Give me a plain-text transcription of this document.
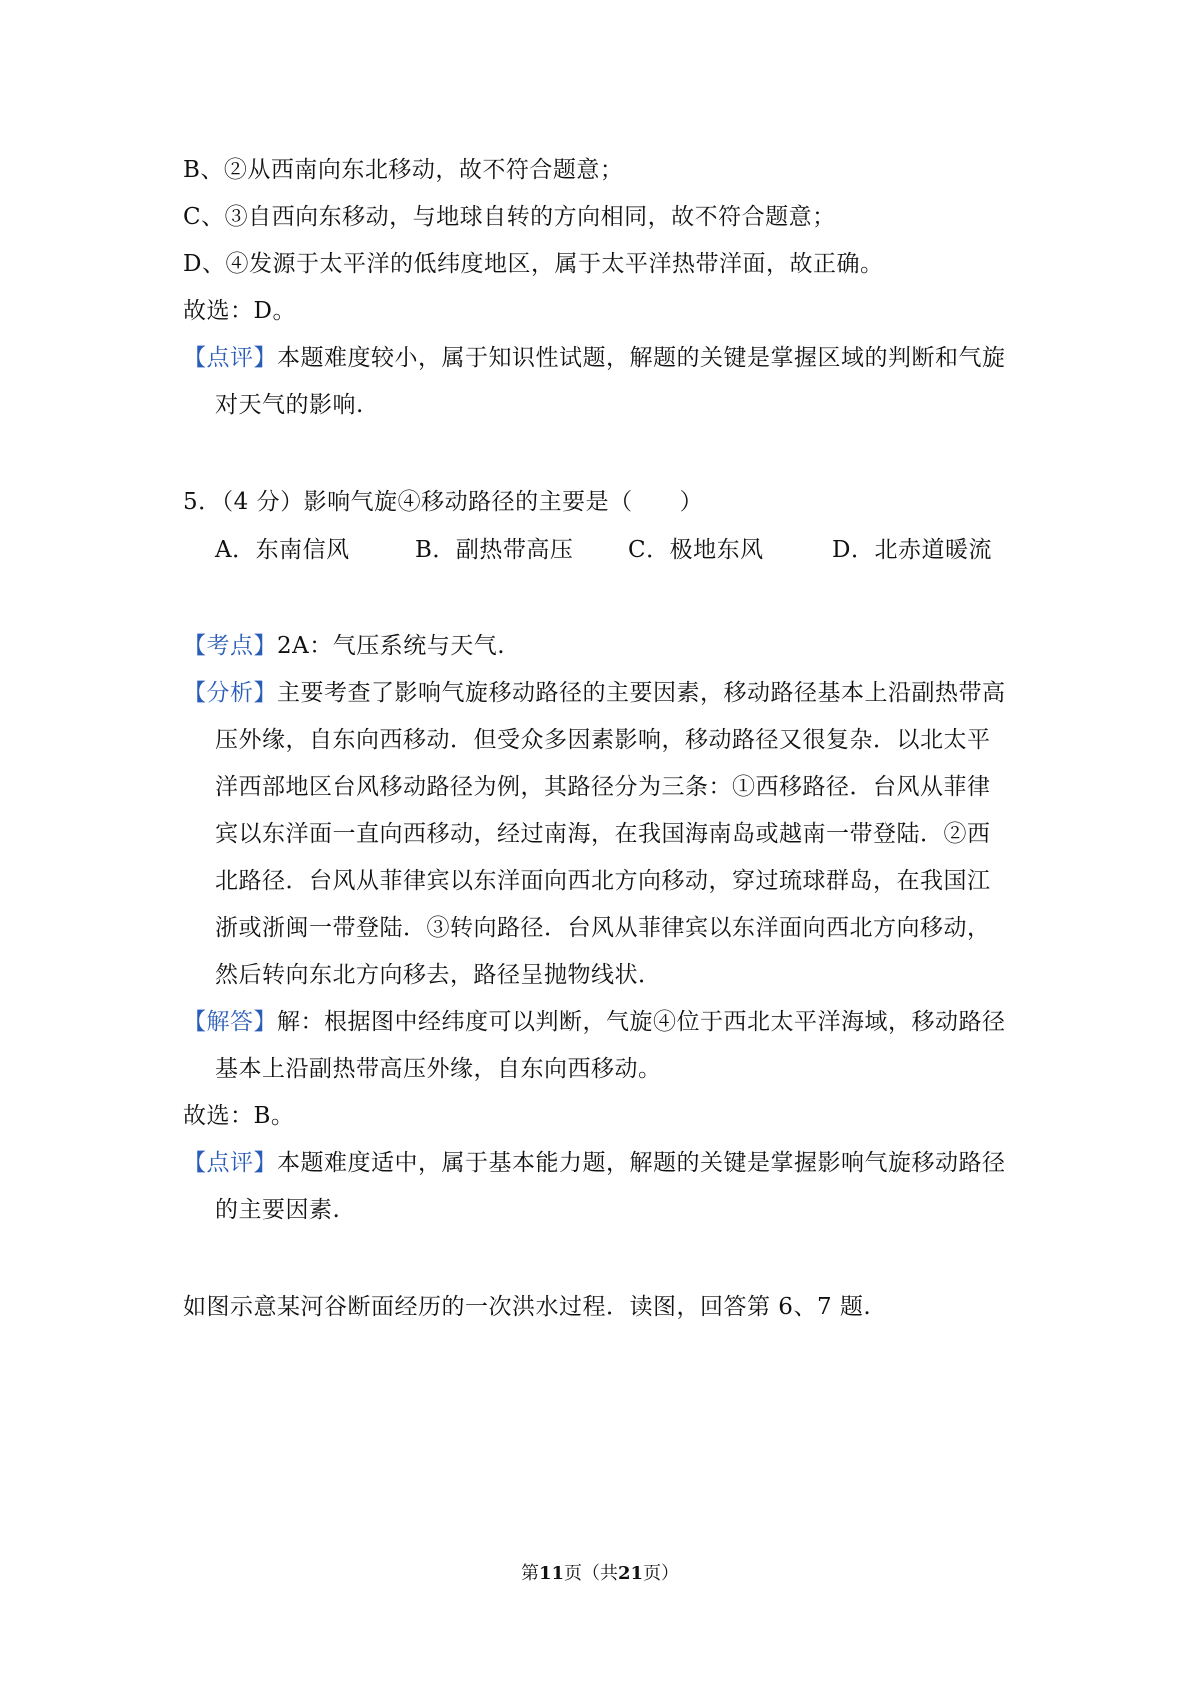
B、②从西南向东北移动，故不符合题意；
C、③自西向东移动，与地球自转的方向相同，故不符合题意；
D、④发源于太平洋的低纬度地区，属于太平洋热带洋面，故正确。
故选：D。
【点评】本题难度较小，属于知识性试题，解题的关键是掌握区域的判断和气旋
对天气的影响.
5．（4 分）影响气旋④移动路径的主要是（　　）
A．东南信风	B．副热带高压 C．极地东风	D．北赤道暖流
【考点】2A：气压系统与天气.
【分析】主要考查了影响气旋移动路径的主要因素，移动路径基本上沿副热带高
压外缘，自东向西移动．但受众多因素影响，移动路径又很复杂．以北太平
洋西部地区台风移动路径为例，其路径分为三条：①西移路径．台风从菲律
宾以东洋面一直向西移动，经过南海，在我国海南岛或越南一带登陆．②西
北路径．台风从菲律宾以东洋面向西北方向移动，穿过琉球群岛，在我国江
浙或浙闽一带登陆．③转向路径．台风从菲律宾以东洋面向西北方向移动，
然后转向东北方向移去，路径呈抛物线状．
【解答】解：根据图中经纬度可以判断，气旋④位于西北太平洋海域，移动路径
基本上沿副热带高压外缘，自东向西移动。
故选：B。
【点评】本题难度适中，属于基本能力题，解题的关键是掌握影响气旋移动路径
的主要因素.
如图示意某河谷断面经历的一次洪水过程．读图，回答第 6、7 题.
第11页（共21页）
